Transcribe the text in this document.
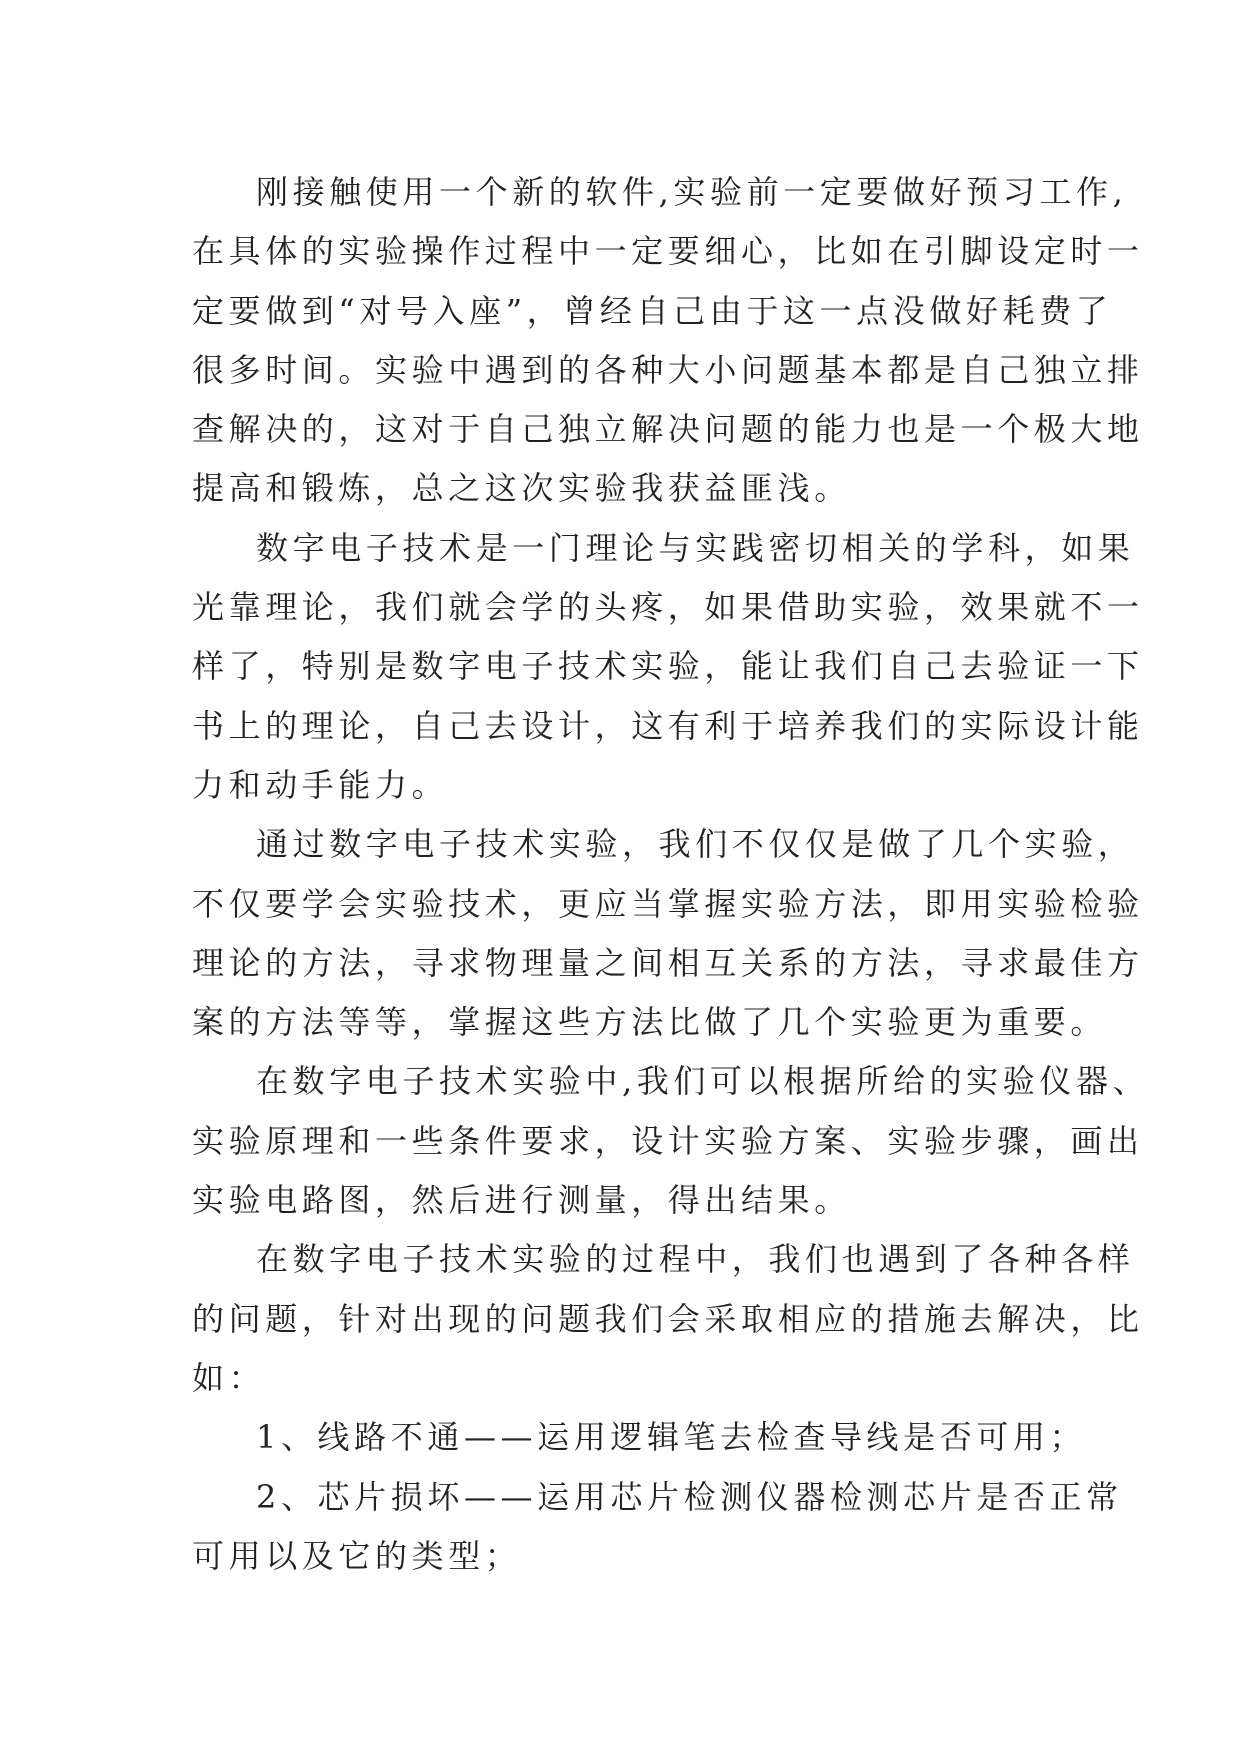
刚接触使用一个新的软件,实验前一定要做好预习工作,
在具体的实验操作过程中一定要细心，比如在引脚设定时一
定要做到“对号入座”，曾经自己由于这一点没做好耗费了
很多时间。实验中遇到的各种大小问题基本都是自己独立排
查解决的，这对于自己独立解决问题的能力也是一个极大地
提高和锻炼，总之这次实验我获益匪浅。
数字电子技术是一门理论与实践密切相关的学科，如果
光靠理论，我们就会学的头疼，如果借助实验，效果就不一
样了，特别是数字电子技术实验，能让我们自己去验证一下
书上的理论，自己去设计，这有利于培养我们的实际设计能
力和动手能力。
通过数字电子技术实验，我们不仅仅是做了几个实验，
不仅要学会实验技术，更应当掌握实验方法，即用实验检验
理论的方法，寻求物理量之间相互关系的方法，寻求最佳方
案的方法等等，掌握这些方法比做了几个实验更为重要。
在数字电子技术实验中,我们可以根据所给的实验仪器、
实验原理和一些条件要求，设计实验方案、实验步骤，画出
实验电路图，然后进行测量，得出结果。
在数字电子技术实验的过程中，我们也遇到了各种各样
的问题，针对出现的问题我们会采取相应的措施去解决，比
如：
1、线路不通——运用逻辑笔去检查导线是否可用；
2、芯片损坏——运用芯片检测仪器检测芯片是否正常
可用以及它的类型；
